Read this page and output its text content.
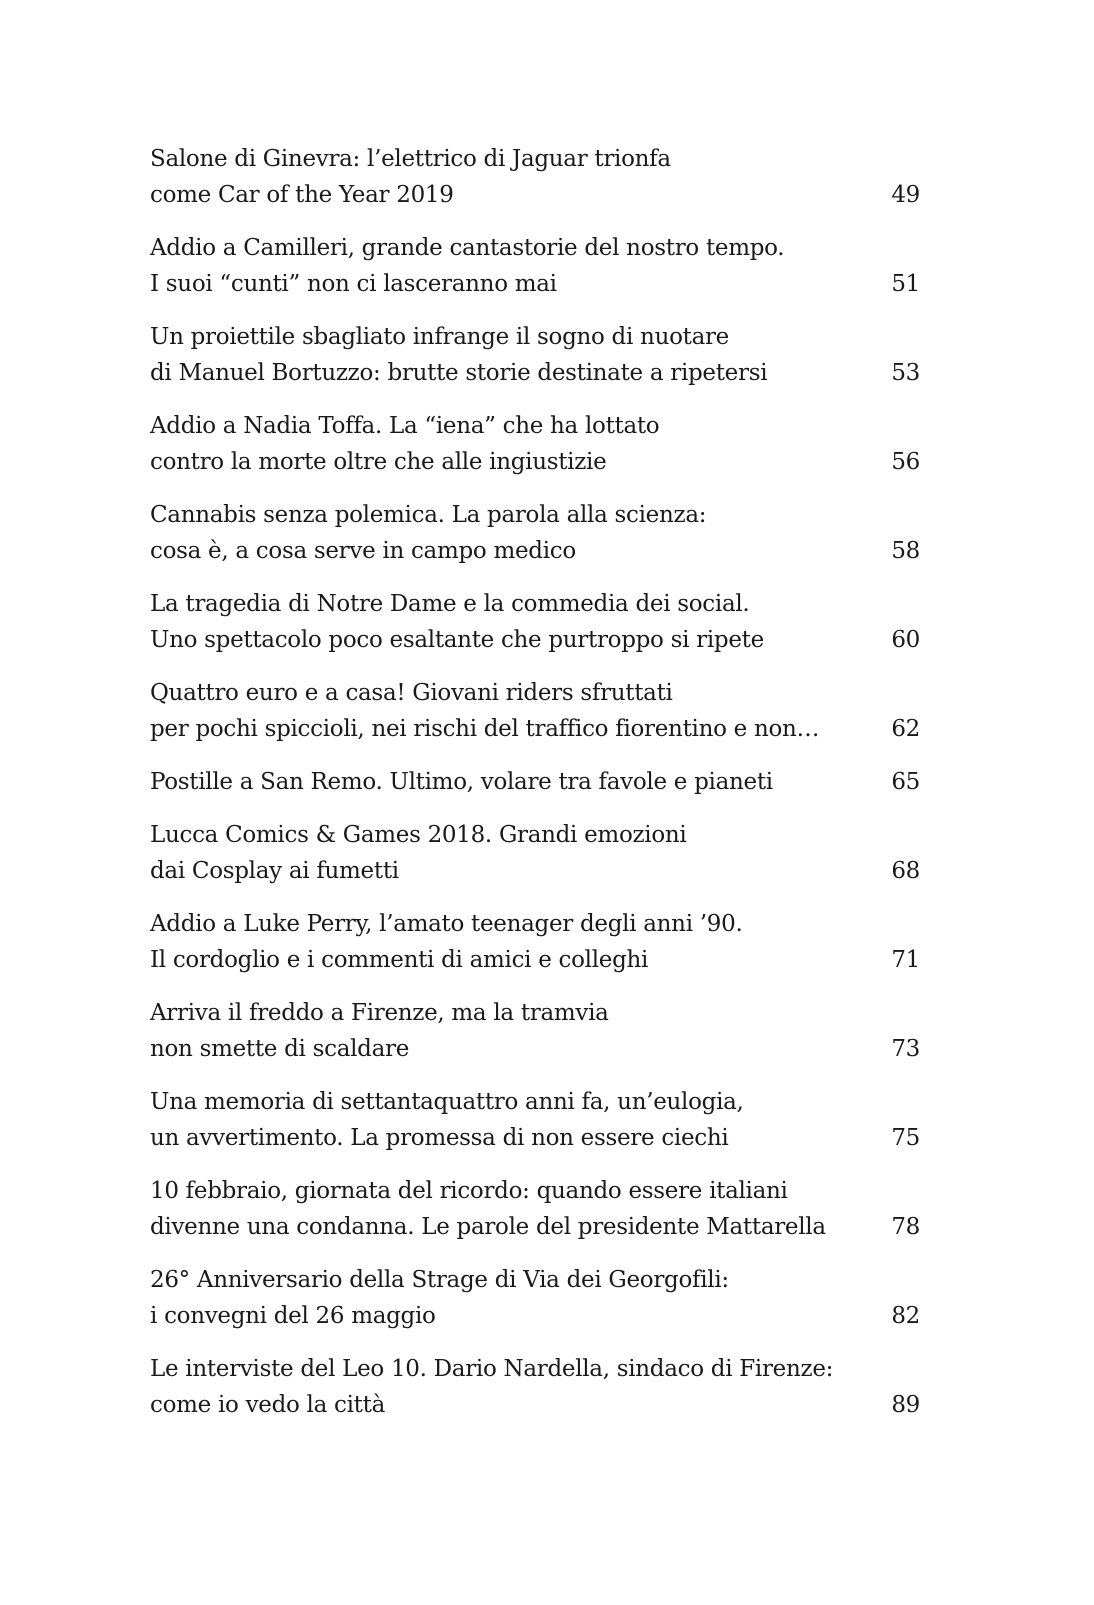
Salone di Ginevra: l’elettrico di Jaguar trionfa
come Car of the Year 2019	49
Addio a Camilleri, grande cantastorie del nostro tempo.
I suoi “cunti” non ci lasceranno mai	51
Un proiettile sbagliato infrange il sogno di nuotare
di Manuel Bortuzzo: brutte storie destinate a ripetersi	53
Addio a Nadia Toffa. La “iena” che ha lottato
contro la morte oltre che alle ingiustizie	56
Cannabis senza polemica. La parola alla scienza:
cosa è, a cosa serve in campo medico	58
La tragedia di Notre Dame e la commedia dei social.
Uno spettacolo poco esaltante che purtroppo si ripete	60
Quattro euro e a casa! Giovani riders sfruttati
per pochi spiccioli, nei rischi del traffico fiorentino e non…	62
Postille a San Remo. Ultimo, volare tra favole e pianeti	65
Lucca Comics & Games 2018. Grandi emozioni
dai Cosplay ai fumetti	68
Addio a Luke Perry, l’amato teenager degli anni ’90.
Il cordoglio e i commenti di amici e colleghi	71
Arriva il freddo a Firenze, ma la tramvia
non smette di scaldare	73
Una memoria di settantaquattro anni fa, un’eulogia,
un avvertimento. La promessa di non essere ciechi	75
10 febbraio, giornata del ricordo: quando essere italiani
divenne una condanna. Le parole del presidente Mattarella	78
26° Anniversario della Strage di Via dei Georgofili:
i convegni del 26 maggio	82
Le interviste del Leo 10. Dario Nardella, sindaco di Firenze:
come io vedo la città	89
